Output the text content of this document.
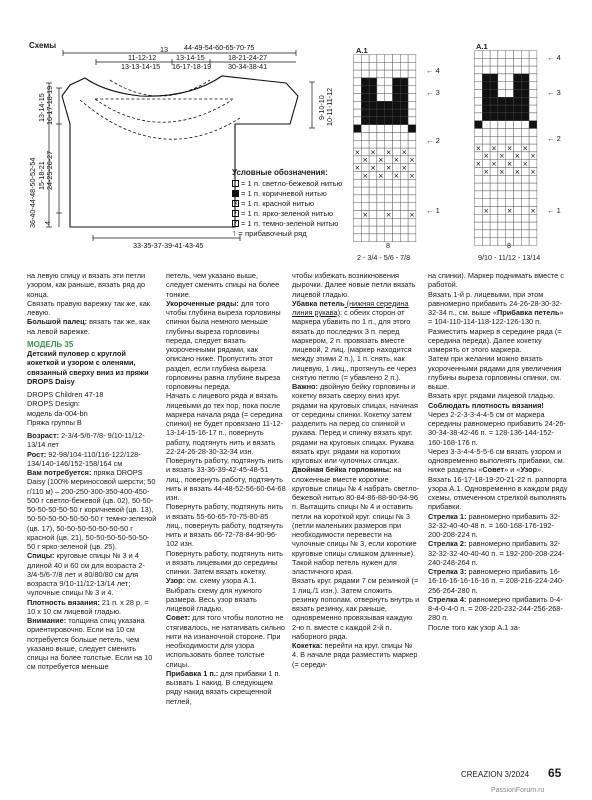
Схемы	44-49-54-60-65-70-75
11-12-12
13
13-13-14-15
13-14-15
16-17-18-19
18-21-24-27
30-34-38-41
36-40-44-48-50-52-54 15-18-21 24-25-26-27
13-14-15 16-17-18-19
4
9-10-10 10-11-11-12
33-35-37-39-41-43-45
Условные обозначения:
= 1 п. светло-бежевой нитью
= 1 п. коричневой нитью
× = 1 п. красной нитью
• = 1 п. ярко-зеленой нитью
∕ = 1 п. темно-зеленой нитью
↑ = прибавочный ряд
A.1
× × × ×
× × × ×
× × × ×
× × × ×
×	×	×
← 4
← 3
← 2
← 1
8
2 - 3/4 - 5/6 - 7/8
A.1
× × × ×
× × × ×
× × × ×
× × × ×
×	×	×
← 4
← 3
← 2
← 1
8
9/10 - 11/12 - 13/14

на левую спицу и вязать эти петли узором, как раньше, вязать ряд до конца.

Связать правую варежку так же, как левую.

Большой палец: вязать так же, как на левой варежке.

МОДЕЛЬ 35

Детский пуловер с круглой кокеткой и узором с оленями, связанный сверху вниз из пряжи DROPS Daisy

DROPS Children 47-18

DROPS Design:

модель da-004-bn

Пряжа группы B

Возраст: 2-3/4-5/6-7/8- 9/10-11/12-13/14 лет

Рост: 92-98/104-110/116-122/128-134/140-146/152-158/164 см

Вам потребуется: пряжа DROPS Daisy (100% мериносовой шерсти; 50 г/110 м) – 200-250-300-350-400-450-500 г светло-бежевой (цв. 02), 50-50-50-50-50-50-50 г коричневой (цв. 13), 50-50-50-50-50-50-50 г темно-зеленой (цв. 17), 50-50-50-50-50-50-50 г красной (цв. 21), 50-50-50-50-50-50-50 г ярко-зеленой (цв. 25).

Спицы: круговые спицы № 3 и 4 длиной 40 и 60 см для возраста 2-3/4-5/6-7/8 лет и 80/80/80 см для возраста 9/10-11/12-13/14 лет; чулочные спицы № 3 и 4.

Плотность вязания: 21 п. х 28 р. = 10 х 10 см лицевой гладью.

Внимание: толщина спиц указана ориентировочно. Если на 10 см потребуется больше петель, чем указано выше, следует сменить спицы на более толстые. Если на 10 см потребуется меньше

петель, чем указано выше, следует сменить спицы на более тонкие.

Укороченные ряды: для того чтобы глубина выреза горловины спинки была немного меньше глубины выреза горловины переда, следует вязать укороченными рядами, как описано ниже. Пропустить этот раздел, если глубина выреза горловины равна глубине выреза горловины переда.

Начать с лицевого ряда и вязать лицевыми до тех пор, пока после маркера начала ряда (= середина спинки) не будет провязано 11-12-13-14-15-16-17 п., повернуть работу, подтянуть нить и вязать 22-24-26-28-30-32-34 изн.

Повернуть работу, подтянуть нить и вязать 33-36-39-42-45-48-51 лиц., повернуть работу, подтянуть нить и вязать 44-48-52-56-60-64-68 изн.

Повернуть работу, подтянуть нить и вязать 55-60-65-70-75-80-85 лиц., повернуть работу, подтянуть нить и вязать 66-72-78-84-90-96-102 изн.

Повернуть работу, подтянуть нить и вязать лицевыми до середины спинки. Затем вязать кокетку.

Узор: см. схему узора А.1. Выбрать схему для нужного размера. Весь узор вязать лицевой гладью.

Совет: для того чтобы полотно не стягивалось, не натягивать сильно нити на изнаночной стороне. При необходимости для узора использовать более толстые спицы.

Прибавка 1 п.: для прибавки 1 п. вызвать 1 накид. В следующем ряду накид вязать скрещенной петлей,

чтобы избежать возникновения дырочки. Далее новые петли вязать лицевой гладью.

Убавка петель (нижняя середина линия рукава): с обеих сторон от маркера убавить по 1 п., для этого вязать до последних 3 п. перед маркером, 2 п. провязать вместе лицевой, 2 лиц. (маркер находится между этими 2 п.), 1 п. снять, как лицевую, 1 лиц., протянуть ее через снятую петлю (= убавлено 2 п.).

Важно: двойную бейку горловины и кокетку вязать сверху вниз круг. рядами на круговых спицах, начиная от середины спинки. Кокетку затем разделить на перед со спинкой и рукава. Перед и спинку вязать круг. рядами на круговых спицах. Рукава вязать круг. рядами на коротких круговых или чулочных спицах.

Двойная бейка горловины: на сложенные вместе короткие круговые спицы № 4 набрать светло-бежевой нитью 80-84-86-88-90-94-96 п. Вытащить спицы № 4 и оставить петли на короткой круг. спицы № 3 (петли маленьких размеров при необходимости перевести на чулочные спицы № 3, если короткие круговые спицы слишком длинные). Такой набор петель нужен для эластичного края.

Вязать круг. рядами 7 см резинкой (= 1 лиц./1 изн.). Затем сложить резинку пополам, отвернуть внутрь и вязать резинку, как раньше, одновременно провязывая каждую 2-ю п. вместе с каждой 2-й п. наборного ряда.

Кокетка: перейти на круг. спицы № 4. В начале ряда разместить маркер (= середи-

на спинки). Маркер поднимать вместе с работой.

Вязать 1-й р. лицевыми, при этом равномерно прибавить 24-26-28-30-32-32-34 п., см. выше «Прибавка петель» = 104-110-114-118-122-126-130 п.

Разместить маркер в середине ряда (= середина переда). Далее кокетку измерять от этого маркера.

Затем при желании можно вязать укороченными рядами для увеличения глубины выреза горловины спинки, см. выше.

Вязать круг. рядами лицевой гладью. Соблюдать плотность вязания!

Через 2-2-3-3-4-4-5 см от маркера середины равномерно прибавить 24-26-30-34-38-42-46 п. = 128-136-144-152-160-168-176 п.

Через 3-3-4-4-5-5-6 см вязать узором и одновременно выполнять прибавки, см. ниже разделы «Совет» и «Узор».

Вязать 16-17-18-19-20-21-22 п. раппорта узора А.1. Одновременно в каждом ряду схемы, отмеченном стрелкой выполнять прибавки.

Стрелка 1: равномерно прибавить 32-32-32-40-40-48 п. = 160-168-176-192-200-208-224 п.

Стрелка 2: равномерно прибавить 32-32-32-32-40-40-40 п. = 192-200-208-224-240-248-264 п.

Стрелка 3: равномерно прибавить 16-16-16-16-16-16-16 п. = 208-216-224-240-256-264-280 п.

Стрелка 4: равномерно прибавить 0-4-8-4-0-4-0 п. = 208-220-232-244-256-268-280 п.

После того как узор А.1 за-

CREAZION 3/2024 65
PassionForum.ru
